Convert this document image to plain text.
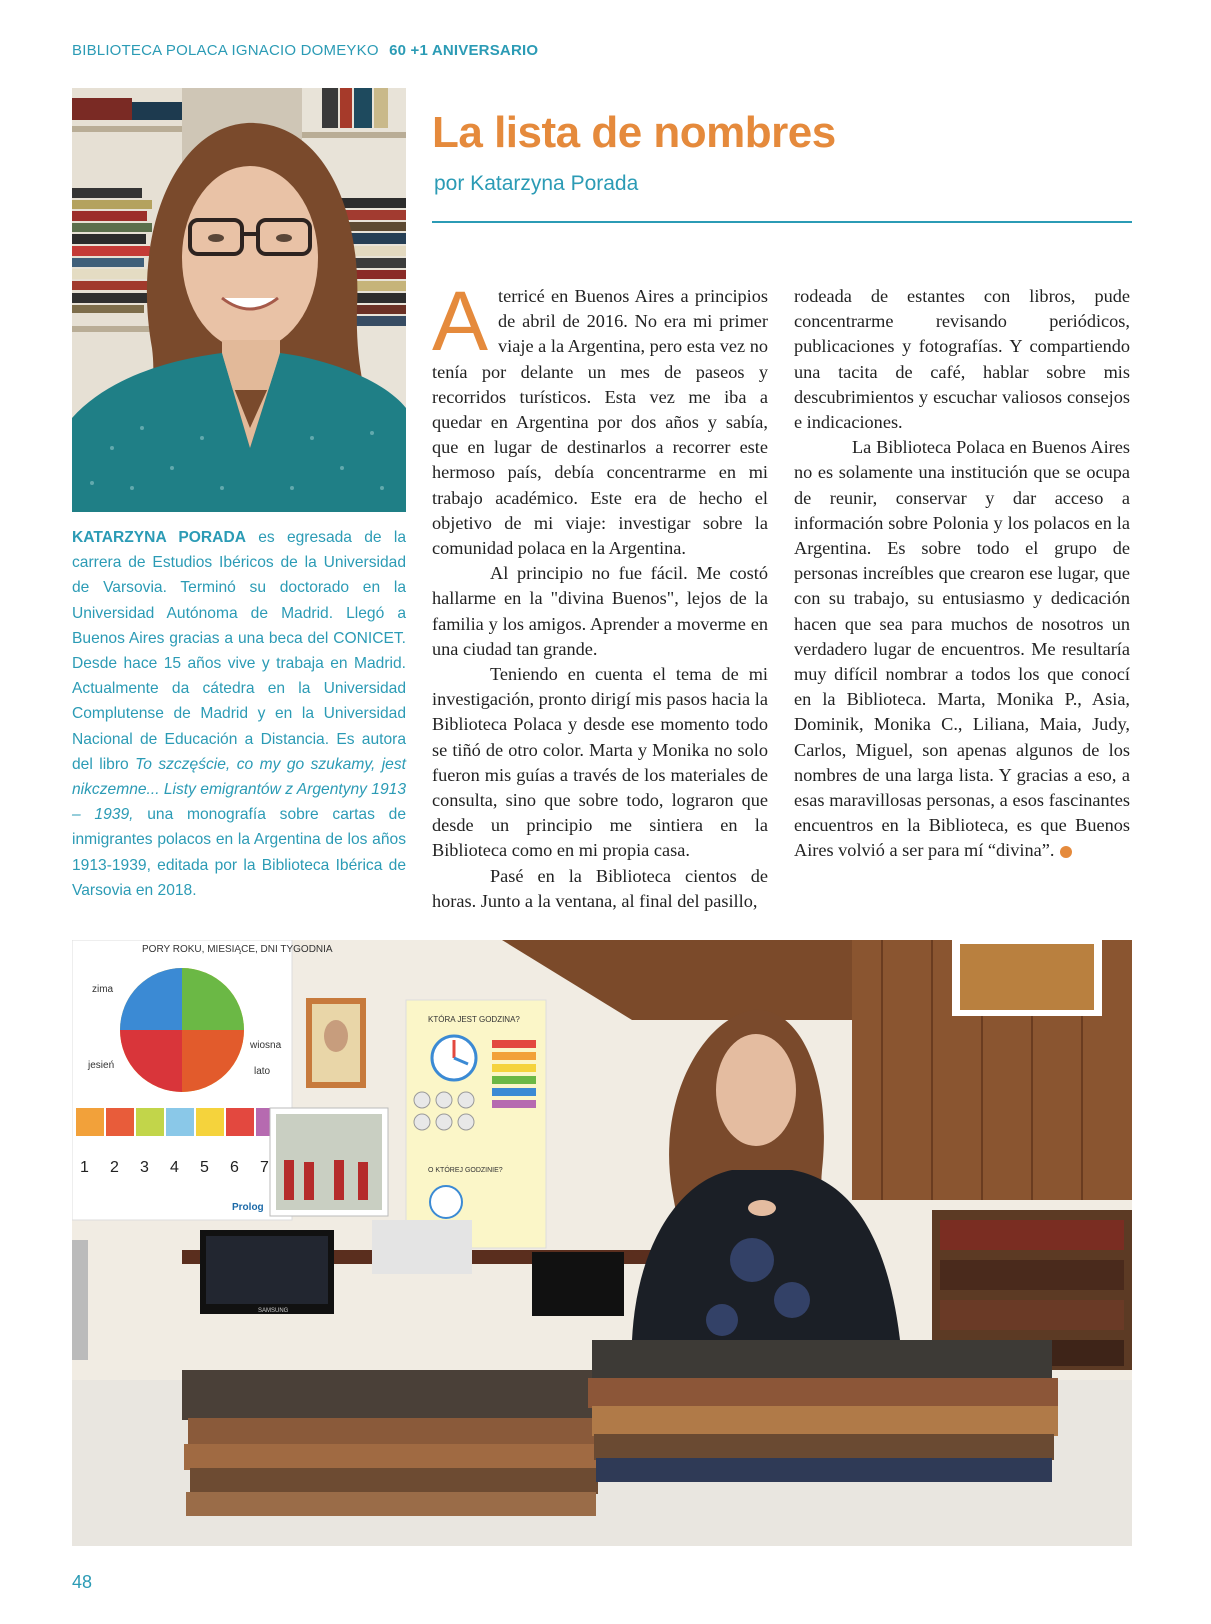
BIBLIOTECA POLACA IGNACIO DOMEYKO 60 +1 ANIVERSARIO
KATARZYNA PORADA es egresada de la carrera de Estudios Ibéricos de la Universidad de Varsovia. Terminó su doctorado en la Universidad Autónoma de Madrid. Llegó a Buenos Aires gracias a una beca del CONICET. Desde hace 15 años vive y trabaja en Madrid. Actualmente da cátedra en la Universidad Complutense de Madrid y en la Universidad Nacional de Educación a Distancia. Es autora del libro To szczęście, co my go szukamy, jest nikczemne... Listy emigrantów z Argentyny 1913 – 1939, una monografía sobre cartas de inmigrantes polacos en la Argentina de los años 1913-1939, editada por la Biblioteca Ibérica de Varsovia en 2018.
La lista de nombres
por Katarzyna Porada

Aterricé en Buenos Aires a principios de abril de 2016. No era mi primer viaje a la Argentina, pero esta vez no tenía por delante un mes de paseos y recorridos turísticos. Esta vez me iba a quedar en Argentina por dos años y sabía, que en lugar de destinarlos a recorrer este hermoso país, debía concentrarme en mi trabajo académico. Este era de hecho el objetivo de mi viaje: investigar sobre la comunidad polaca en la Argentina.

Al principio no fue fácil. Me costó hallarme en la "divina Buenos", lejos de la familia y los amigos. Aprender a moverme en una ciudad tan grande.

Teniendo en cuenta el tema de mi investigación, pronto dirigí mis pasos hacia la Biblioteca Polaca y desde ese momento todo se tiñó de otro color. Marta y Monika no solo fueron mis guías a través de los materiales de consulta, sino que sobre todo, lograron que desde un principio me sintiera en la Biblioteca como en mi propia casa.

Pasé en la Biblioteca cientos de horas. Junto a la ventana, al final del pasillo,

rodeada de estantes con libros, pude concentrarme revisando periódicos, publicaciones y fotografías. Y compartiendo una tacita de café, hablar sobre mis descubrimientos y escuchar valiosos consejos e indicaciones.

La Biblioteca Polaca en Buenos Aires no es solamente una institución que se ocupa de reunir, conservar y dar acceso a información sobre Polonia y los polacos en la Argentina. Es sobre todo el grupo de personas increíbles que crearon ese lugar, que con su trabajo, su entusiasmo y dedicación hacen que sea para muchos de nosotros un verdadero lugar de encuentros. Me resultaría muy difícil nombrar a todos los que conocí en la Biblioteca. Marta, Monika P., Asia, Dominik, Monika C., Liliana, Maia, Judy, Carlos, Miguel, son apenas algunos de los nombres de una larga lista. Y gracias a eso, a esas maravillosas personas, a esos fascinantes encuentros en la Biblioteca, es que Buenos Aires volvió a ser para mí “divina”.

PORY ROKU, MIESIĄCE, DNI TYGODNIA
zima
wiosna
jesień
lato
1 2 3 4 5 6 7
Prolog
KTÓRA JEST GODZINA?
O KTÓREJ GODZINIE?
SAMSUNG
48
